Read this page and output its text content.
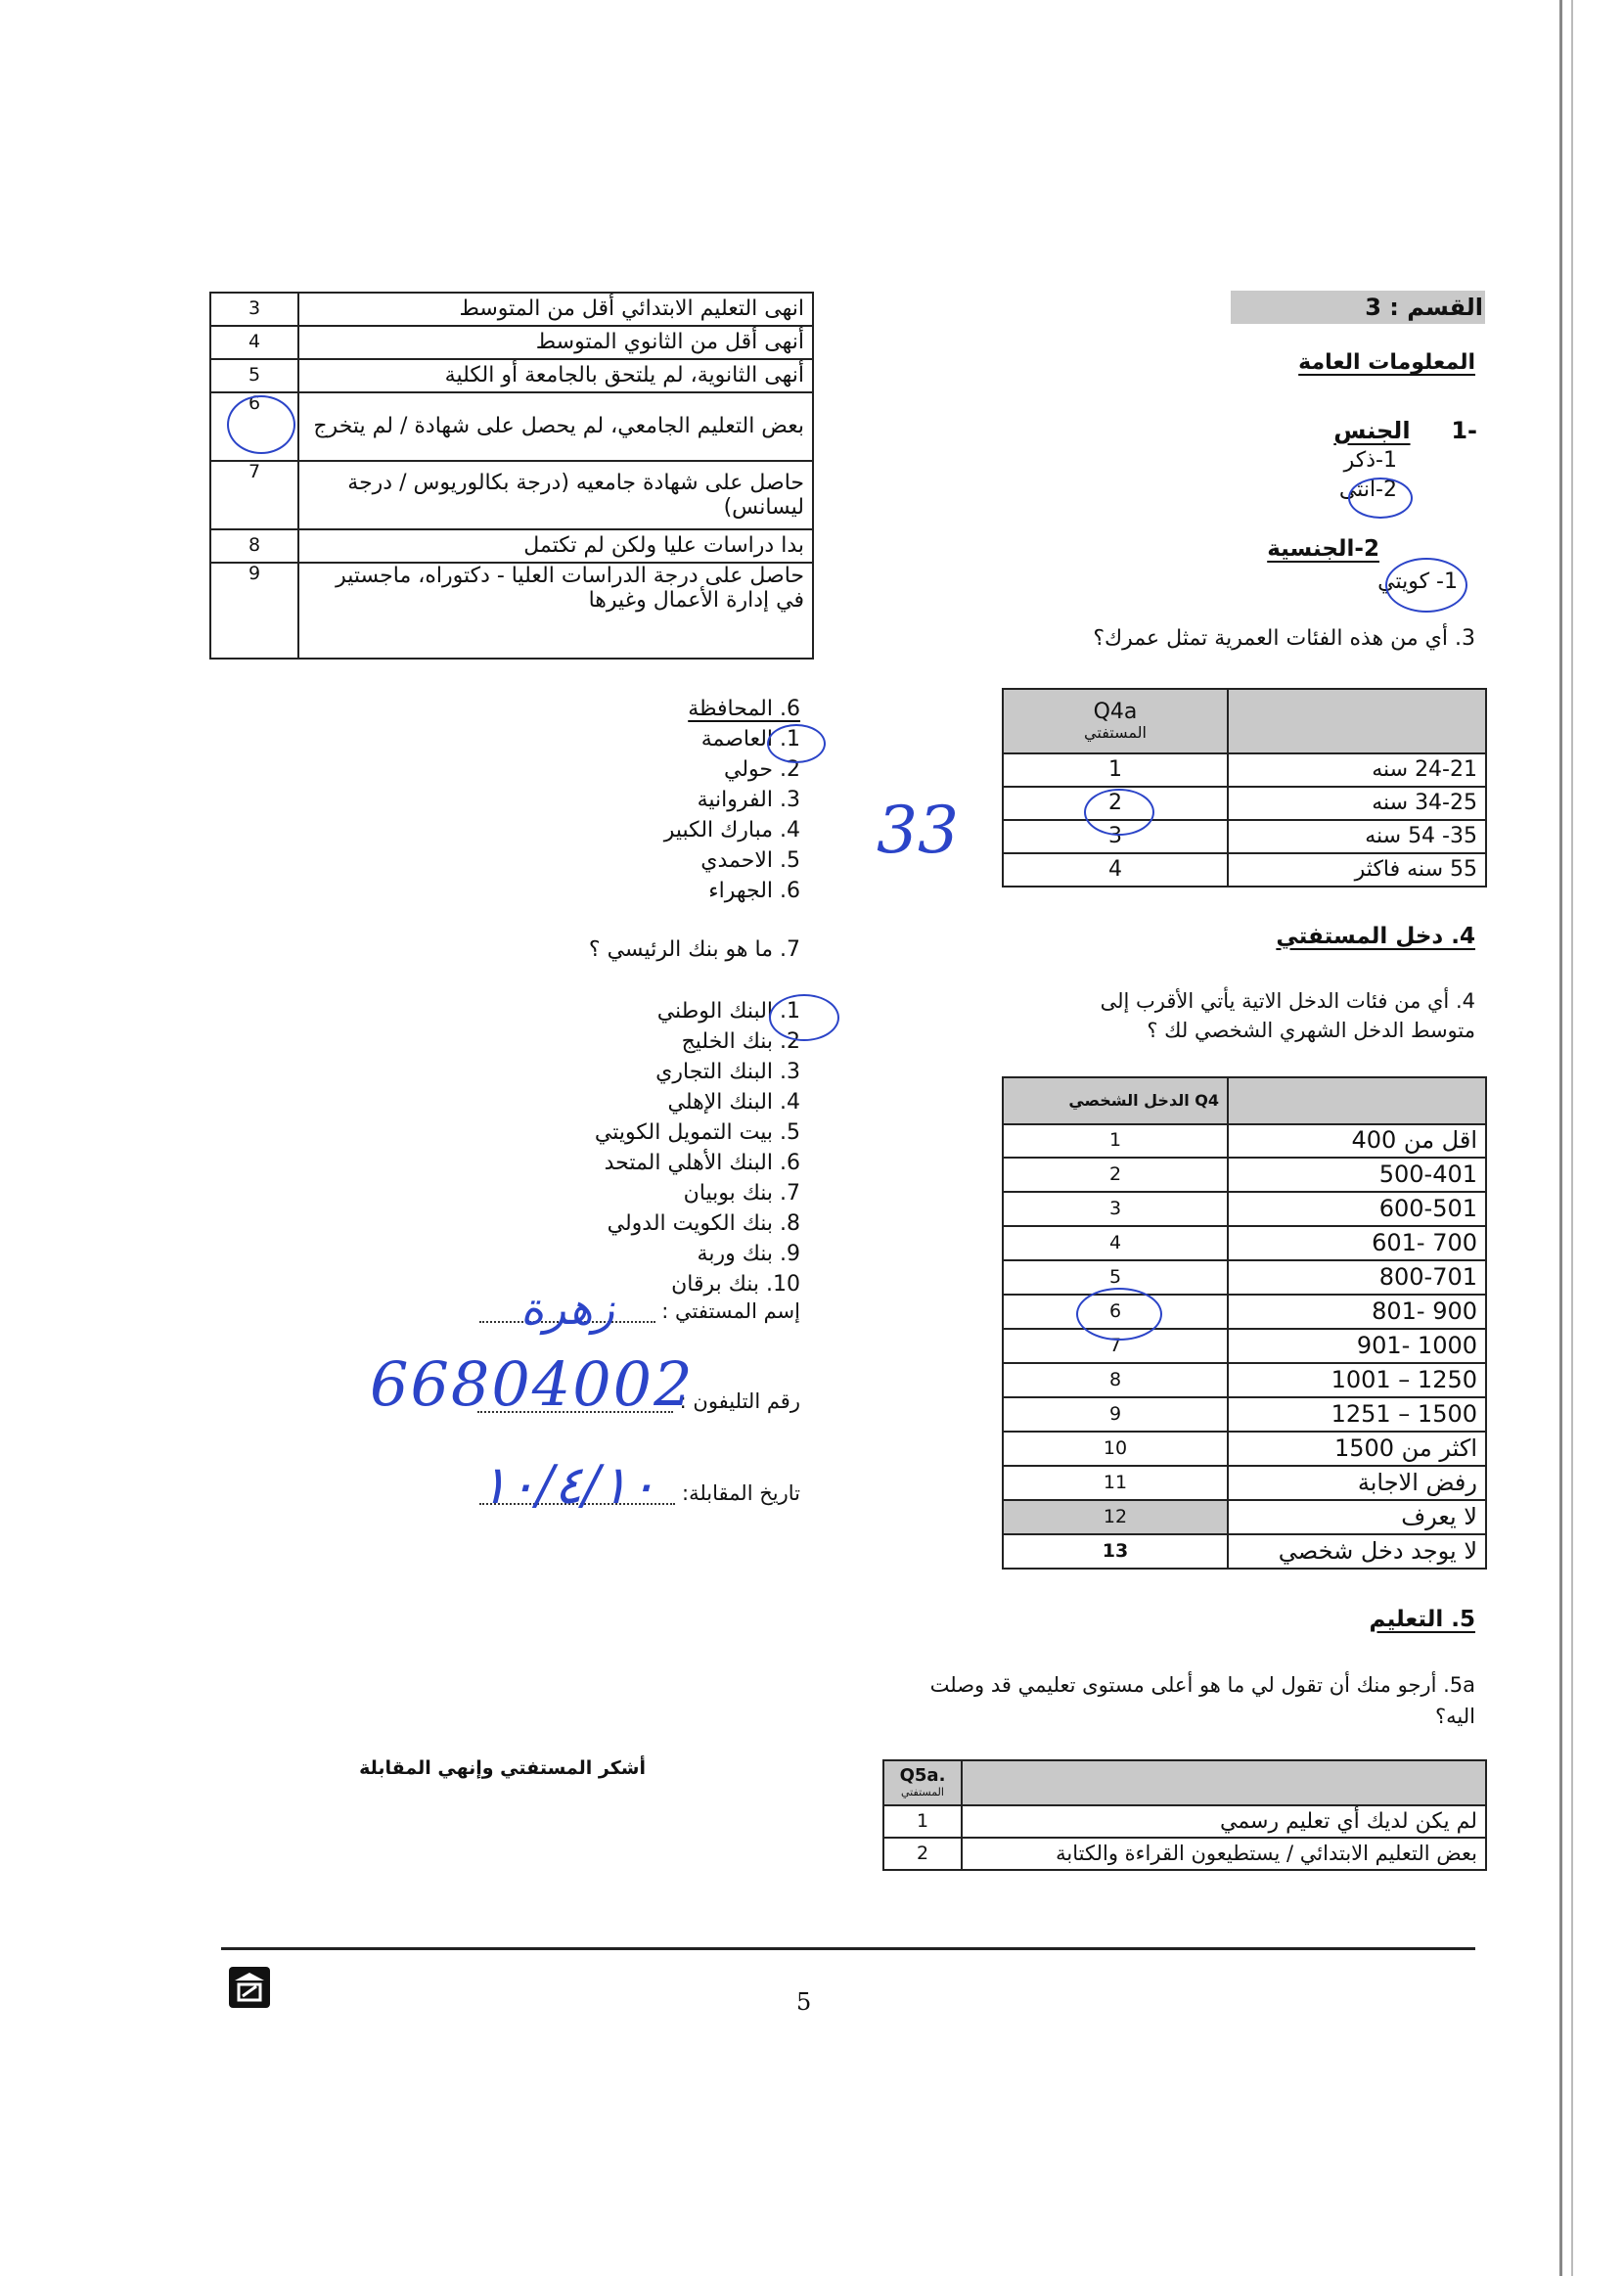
القسم : 3
المعلومات العامة
-1     الجنس
1-ذكر
2-انثى
2-الجنسية
1- كويتي
3. أي من هذه الفئات العمرية تمثل عمرك؟
Q4a
المستفتي	

1	24-21 سنه
2	34-25 سنه
3	35- 54 سنه
4	55 سنه فاكثر
4. دخل المستفتي
4. أي من فئات الدخل الاتية يأتي الأقرب إلى متوسط الدخل الشهري الشخصي لك ؟
Q4 الدخل الشخصي	
1	اقل من 400
2	500-401
3	600-501
4	700 -601
5	800-701
6	900 -801
7	1000 -901
8	1250 – 1001
9	1500 – 1251
10	اكثر من 1500
11	رفض الاجابة
12	لا يعرف
13	لا يوجد دخل شخصي
5. التعليم
5a. أرجو منك أن تقول لي ما هو أعلى مستوى تعليمي قد وصلت اليه؟
Q5a.
المستفتي	

1	لم يكن لديك أي تعليم رسمي
2	بعض التعليم الابتدائي / يستطيعون القراءة والكتابة
3	انهى التعليم الابتدائي أقل من المتوسط
4	أنهى أقل من الثانوي المتوسط
5	أنهى الثانوية، لم يلتحق بالجامعة أو الكلية
6	بعض التعليم الجامعي، لم يحصل على شهادة / لم يتخرج
7	حاصل على شهادة جامعيه (درجة بكالوريوس / درجة ليسانس)
8	بدا دراسات عليا ولكن لم تكتمل
9	حاصل على درجة الدراسات العليا - دكتوراه، ماجستير في إدارة الأعمال وغيرها
6. المحافظة
1. العاصمة
2. حولي
3. الفروانية
4. مبارك الكبير
5. الاحمدي
6. الجهراء
33
7. ما هو بنك الرئيسي ؟
1. البنك الوطني
2. بنك الخليج
3. البنك التجاري
4. البنك الإهلي
5. بيت التمويل الكويتي
6. البنك الأهلي المتحد
7. بنك بوبيان
8. بنك الكويت الدولي
9. بنك وربة
10. بنك برقان
إسم المستفتي :
زهرة
رقم التليفون :
66804002
تاريخ المقابلة:
١٠/٤/١٠
أشكر المستفتي وإنهي المقابلة
5
